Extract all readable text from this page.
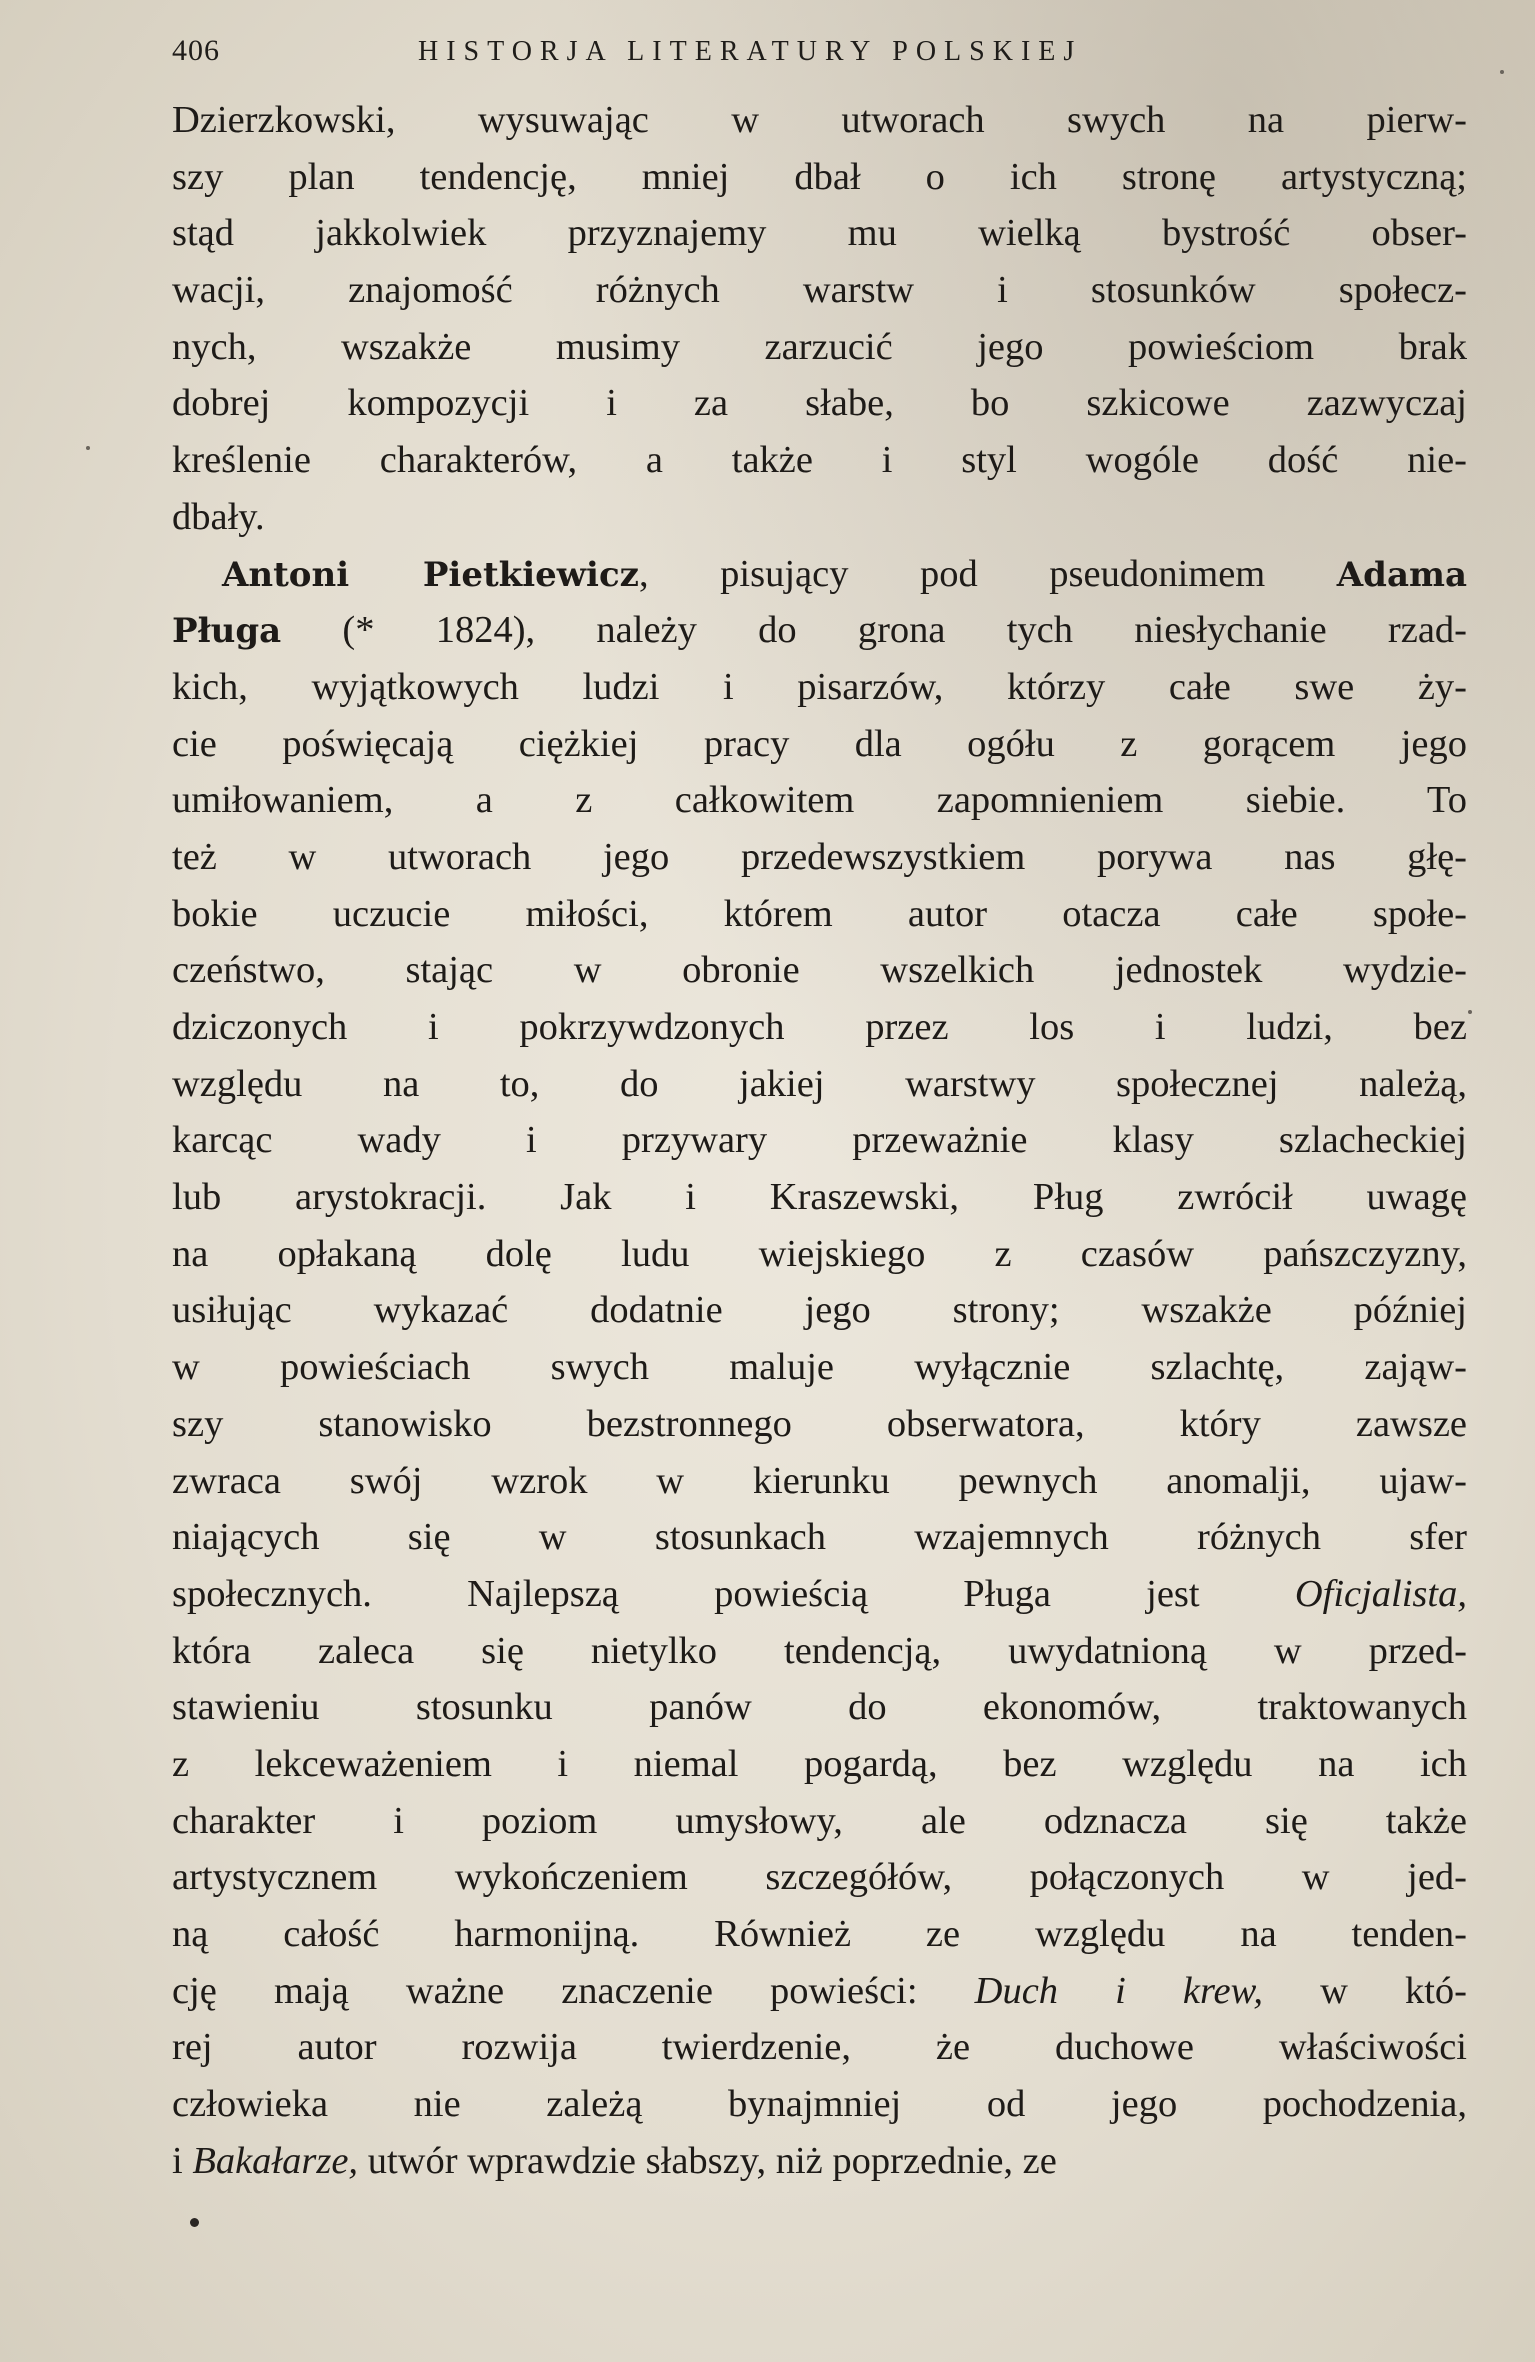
406	HISTORJA LITERATURY POLSKIEJ
Dzierzkowski, wysuwając w utworach swych na pierw-
szy plan tendencję, mniej dbał o ich stronę artystyczną;
stąd jakkolwiek przyznajemy mu wielką bystrość obser-
wacji, znajomość różnych warstw i stosunków społecz-
nych, wszakże musimy zarzucić jego powieściom brak
dobrej kompozycji i za słabe, bo szkicowe zazwyczaj
kreślenie charakterów, a także i styl wogóle dość nie-
dbały.
Antoni Pietkiewicz, pisujący pod pseudonimem Adama
Pługa (* 1824), należy do grona tych niesłychanie rzad-
kich, wyjątkowych ludzi i pisarzów, którzy całe swe ży-
cie poświęcają ciężkiej pracy dla ogółu z gorącem jego
umiłowaniem, a z całkowitem zapomnieniem siebie. To
też w utworach jego przedewszystkiem porywa nas głę-
bokie uczucie miłości, którem autor otacza całe społe-
czeństwo, stając w obronie wszelkich jednostek wydzie-
dziczonych i pokrzywdzonych przez los i ludzi, bez
względu na to, do jakiej warstwy społecznej należą,
karcąc wady i przywary przeważnie klasy szlacheckiej
lub arystokracji. Jak i Kraszewski, Pług zwrócił uwagę
na opłakaną dolę ludu wiejskiego z czasów pańszczyzny,
usiłując wykazać dodatnie jego strony; wszakże później
w powieściach swych maluje wyłącznie szlachtę, zająw-
szy stanowisko bezstronnego obserwatora, który zawsze
zwraca swój wzrok w kierunku pewnych anomalji, ujaw-
niających się w stosunkach wzajemnych różnych sfer
społecznych. Najlepszą powieścią Pługa jest Oficjalista,
która zaleca się nietylko tendencją, uwydatnioną w przed-
stawieniu stosunku panów do ekonomów, traktowanych
z lekceważeniem i niemal pogardą, bez względu na ich
charakter i poziom umysłowy, ale odznacza się także
artystycznem wykończeniem szczegółów, połączonych w jed-
ną całość harmonijną. Również ze względu na tenden-
cję mają ważne znaczenie powieści: Duch i krew, w któ-
rej autor rozwija twierdzenie, że duchowe właściwości
człowieka nie zależą bynajmniej od jego pochodzenia,
i Bakałarze, utwór wprawdzie słabszy, niż poprzednie, ze
